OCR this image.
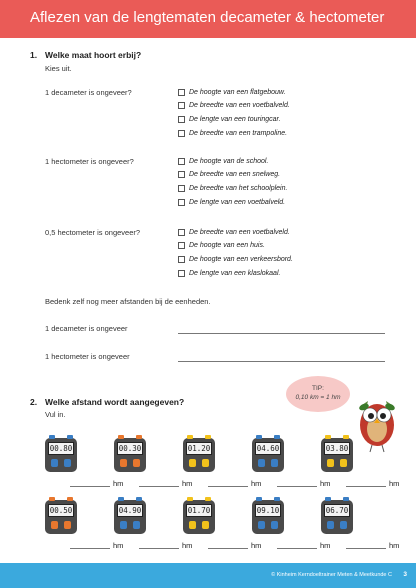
Aflezen van de lengtematen decameter & hectometer
1. Welke maat hoort erbij?
Kies uit.
1 decameter is ongeveer?	De hoogte van een flatgebouw.
De breedte van een voetbalveld.
De lengte van een touringcar.
De breedte van een trampoline.
1 hectometer is ongeveer?	De hoogte van de school.
De breedte van een snelweg.
De breedte van het schoolplein.
De lengte van een voetbalveld.
0,5 hectometer is ongeveer?	De breedte van een voetbalveld.
De hoogte van een huis.
De hoogte van een verkeersbord.
De lengte van een klaslokaal.
Bedenk zelf nog meer afstanden bij de eenheden.
1 decameter is ongeveer
1 hectometer is ongeveer
2. Welke afstand wordt aangegeven?
Vul in.
TIP:
0,10 km = 1 hm
00.80	00.30	01.20	04.60	03.80
hm	hm	hm	hm	hm
00.50	04.90	01.70	09.10	06.70
hm	hm	hm	hm	hm
© Kinheim Kerndoeltrainer Meten & Meetkunde C 3
